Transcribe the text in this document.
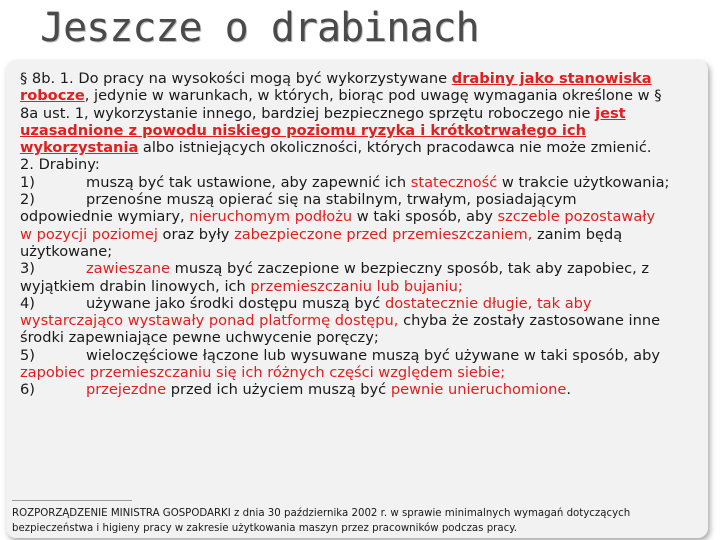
Jeszcze o drabinach

§ 8b. 1. Do pracy na wysokości mogą być wykorzystywane drabiny jako stanowiska robocze, jedynie w warunkach, w których, biorąc pod uwagę wymagania określone w § 8a ust. 1, wykorzystanie innego, bardziej bezpiecznego sprzętu roboczego nie jest uzasadnione z powodu niskiego poziomu ryzyka i krótkotrwałego ich wykorzystania albo istniejących okoliczności, których pracodawca nie może zmienić.

2. Drabiny:

1)	muszą być tak ustawione, aby zapewnić ich stateczność w trakcie użytkowania;

2)	przenośne muszą opierać się na stabilnym, trwałym, posiadającym odpowiednie wymiary, nieruchomym podłożu w taki sposób, aby szczeble pozostawały w pozycji poziomej oraz były zabezpieczone przed przemieszczaniem, zanim będą użytkowane;

3)	zawieszane muszą być zaczepione w bezpieczny sposób, tak aby zapobiec, z wyjątkiem drabin linowych, ich przemieszczaniu lub bujaniu;

4)	używane jako środki dostępu muszą być dostatecznie długie, tak aby wystarczająco wystawały ponad platformę dostępu, chyba że zostały zastosowane inne środki zapewniające pewne uchwycenie poręczy;

5)	wieloczęściowe łączone lub wysuwane muszą być używane w taki sposób, aby zapobiec przemieszczaniu się ich różnych części względem siebie;

6)	przejezdne przed ich użyciem muszą być pewnie unieruchomione.

ROZPORZĄDZENIE MINISTRA GOSPODARKI z dnia 30 października 2002 r. w sprawie minimalnych wymagań dotyczących bezpieczeństwa i higieny pracy w zakresie użytkowania maszyn przez pracowników podczas pracy.
